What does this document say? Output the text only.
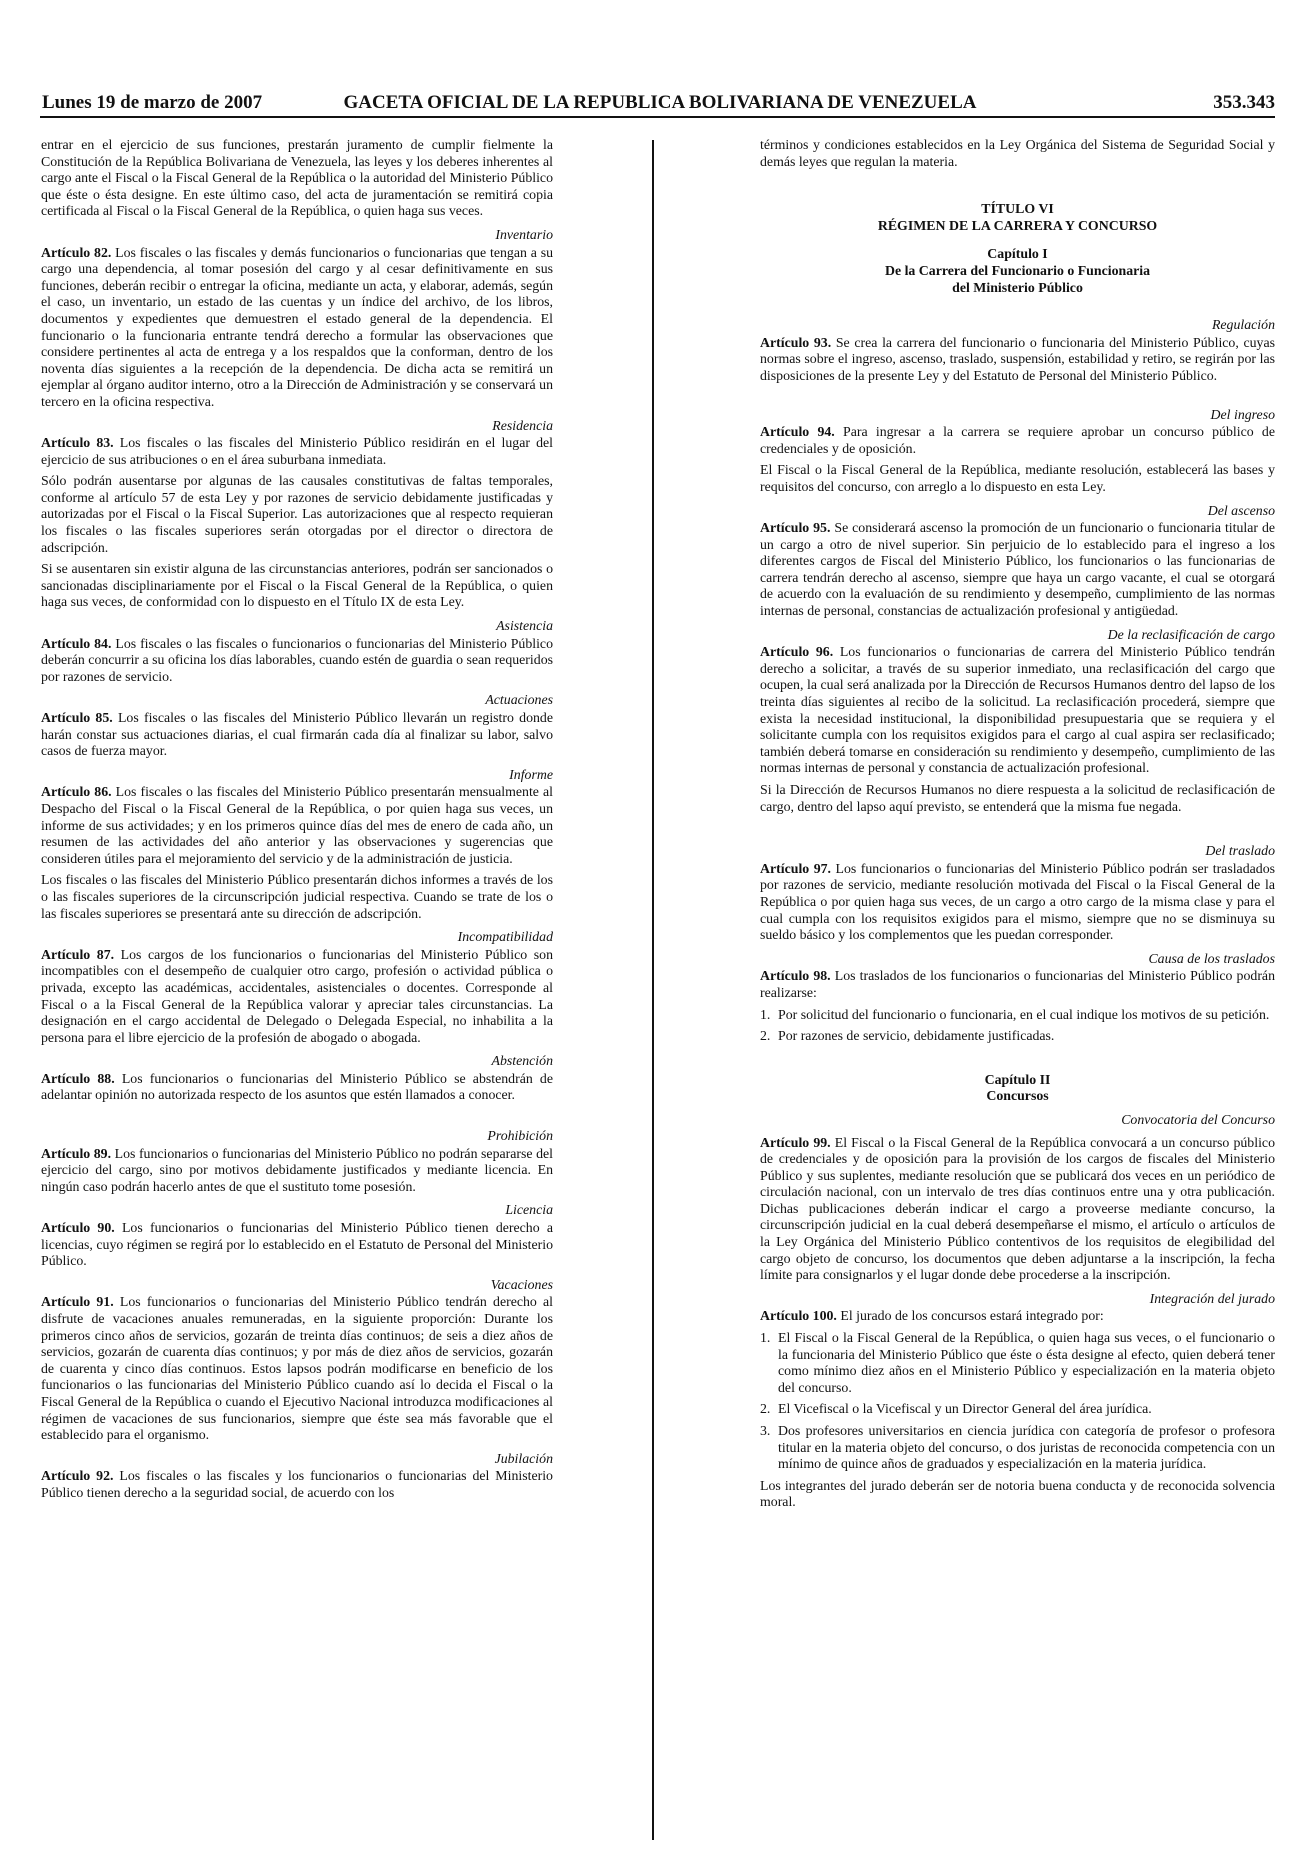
Lunes 19 de marzo de 2007	GACETA OFICIAL DE LA REPUBLICA BOLIVARIANA DE VENEZUELA	353.343

entrar en el ejercicio de sus funciones, prestarán juramento de cumplir fielmente la Constitución de la República Bolivariana de Venezuela, las leyes y los deberes inherentes al cargo ante el Fiscal o la Fiscal General de la República o la autoridad del Ministerio Público que éste o ésta designe. En este último caso, del acta de juramentación se remitirá copia certificada al Fiscal o la Fiscal General de la República, o quien haga sus veces.

Inventario

Artículo 82. Los fiscales o las fiscales y demás funcionarios o funcionarias que tengan a su cargo una dependencia, al tomar posesión del cargo y al cesar definitivamente en sus funciones, deberán recibir o entregar la oficina, mediante un acta, y elaborar, además, según el caso, un inventario, un estado de las cuentas y un índice del archivo, de los libros, documentos y expedientes que demuestren el estado general de la dependencia. El funcionario o la funcionaria entrante tendrá derecho a formular las observaciones que considere pertinentes al acta de entrega y a los respaldos que la conforman, dentro de los noventa días siguientes a la recepción de la dependencia. De dicha acta se remitirá un ejemplar al órgano auditor interno, otro a la Dirección de Administración y se conservará un tercero en la oficina respectiva.

Residencia

Artículo 83. Los fiscales o las fiscales del Ministerio Público residirán en el lugar del ejercicio de sus atribuciones o en el área suburbana inmediata.

Sólo podrán ausentarse por algunas de las causales constitutivas de faltas temporales, conforme al artículo 57 de esta Ley y por razones de servicio debidamente justificadas y autorizadas por el Fiscal o la Fiscal Superior. Las autorizaciones que al respecto requieran los fiscales o las fiscales superiores serán otorgadas por el director o directora de adscripción.

Si se ausentaren sin existir alguna de las circunstancias anteriores, podrán ser sancionados o sancionadas disciplinariamente por el Fiscal o la Fiscal General de la República, o quien haga sus veces, de conformidad con lo dispuesto en el Título IX de esta Ley.

Asistencia

Artículo 84. Los fiscales o las fiscales o funcionarios o funcionarias del Ministerio Público deberán concurrir a su oficina los días laborables, cuando estén de guardia o sean requeridos por razones de servicio.

Actuaciones

Artículo 85. Los fiscales o las fiscales del Ministerio Público llevarán un registro donde harán constar sus actuaciones diarias, el cual firmarán cada día al finalizar su labor, salvo casos de fuerza mayor.

Informe

Artículo 86. Los fiscales o las fiscales del Ministerio Público presentarán mensualmente al Despacho del Fiscal o la Fiscal General de la República, o por quien haga sus veces, un informe de sus actividades; y en los primeros quince días del mes de enero de cada año, un resumen de las actividades del año anterior y las observaciones y sugerencias que consideren útiles para el mejoramiento del servicio y de la administración de justicia.

Los fiscales o las fiscales del Ministerio Público presentarán dichos informes a través de los o las fiscales superiores de la circunscripción judicial respectiva. Cuando se trate de los o las fiscales superiores se presentará ante su dirección de adscripción.

Incompatibilidad

Artículo 87. Los cargos de los funcionarios o funcionarias del Ministerio Público son incompatibles con el desempeño de cualquier otro cargo, profesión o actividad pública o privada, excepto las académicas, accidentales, asistenciales o docentes. Corresponde al Fiscal o a la Fiscal General de la República valorar y apreciar tales circunstancias. La designación en el cargo accidental de Delegado o Delegada Especial, no inhabilita a la persona para el libre ejercicio de la profesión de abogado o abogada.

Abstención

Artículo 88. Los funcionarios o funcionarias del Ministerio Público se abstendrán de adelantar opinión no autorizada respecto de los asuntos que estén llamados a conocer.

Prohibición

Artículo 89. Los funcionarios o funcionarias del Ministerio Público no podrán separarse del ejercicio del cargo, sino por motivos debidamente justificados y mediante licencia. En ningún caso podrán hacerlo antes de que el sustituto tome posesión.

Licencia

Artículo 90. Los funcionarios o funcionarias del Ministerio Público tienen derecho a licencias, cuyo régimen se regirá por lo establecido en el Estatuto de Personal del Ministerio Público.

Vacaciones

Artículo 91. Los funcionarios o funcionarias del Ministerio Público tendrán derecho al disfrute de vacaciones anuales remuneradas, en la siguiente proporción: Durante los primeros cinco años de servicios, gozarán de treinta días continuos; de seis a diez años de servicios, gozarán de cuarenta días continuos; y por más de diez años de servicios, gozarán de cuarenta y cinco días continuos. Estos lapsos podrán modificarse en beneficio de los funcionarios o las funcionarias del Ministerio Público cuando así lo decida el Fiscal o la Fiscal General de la República o cuando el Ejecutivo Nacional introduzca modificaciones al régimen de vacaciones de sus funcionarios, siempre que éste sea más favorable que el establecido para el organismo.

Jubilación

Artículo 92. Los fiscales o las fiscales y los funcionarios o funcionarias del Ministerio Público tienen derecho a la seguridad social, de acuerdo con los

términos y condiciones establecidos en la Ley Orgánica del Sistema de Seguridad Social y demás leyes que regulan la materia.

TÍTULO VI

RÉGIMEN DE LA CARRERA Y CONCURSO

Capítulo I

De la Carrera del Funcionario o Funcionaria

del Ministerio Público

Regulación

Artículo 93. Se crea la carrera del funcionario o funcionaria del Ministerio Público, cuyas normas sobre el ingreso, ascenso, traslado, suspensión, estabilidad y retiro, se regirán por las disposiciones de la presente Ley y del Estatuto de Personal del Ministerio Público.

Del ingreso

Artículo 94. Para ingresar a la carrera se requiere aprobar un concurso público de credenciales y de oposición.

El Fiscal o la Fiscal General de la República, mediante resolución, establecerá las bases y requisitos del concurso, con arreglo a lo dispuesto en esta Ley.

Del ascenso

Artículo 95. Se considerará ascenso la promoción de un funcionario o funcionaria titular de un cargo a otro de nivel superior. Sin perjuicio de lo establecido para el ingreso a los diferentes cargos de Fiscal del Ministerio Público, los funcionarios o las funcionarias de carrera tendrán derecho al ascenso, siempre que haya un cargo vacante, el cual se otorgará de acuerdo con la evaluación de su rendimiento y desempeño, cumplimiento de las normas internas de personal, constancias de actualización profesional y antigüedad.

De la reclasificación de cargo

Artículo 96. Los funcionarios o funcionarias de carrera del Ministerio Público tendrán derecho a solicitar, a través de su superior inmediato, una reclasificación del cargo que ocupen, la cual será analizada por la Dirección de Recursos Humanos dentro del lapso de los treinta días siguientes al recibo de la solicitud. La reclasificación procederá, siempre que exista la necesidad institucional, la disponibilidad presupuestaria que se requiera y el solicitante cumpla con los requisitos exigidos para el cargo al cual aspira ser reclasificado; también deberá tomarse en consideración su rendimiento y desempeño, cumplimiento de las normas internas de personal y constancia de actualización profesional.

Si la Dirección de Recursos Humanos no diere respuesta a la solicitud de reclasificación de cargo, dentro del lapso aquí previsto, se entenderá que la misma fue negada.

Del traslado

Artículo 97. Los funcionarios o funcionarias del Ministerio Público podrán ser trasladados por razones de servicio, mediante resolución motivada del Fiscal o la Fiscal General de la República o por quien haga sus veces, de un cargo a otro cargo de la misma clase y para el cual cumpla con los requisitos exigidos para el mismo, siempre que no se disminuya su sueldo básico y los complementos que les puedan corresponder.

Causa de los traslados

Artículo 98. Los traslados de los funcionarios o funcionarias del Ministerio Público podrán realizarse:

1. Por solicitud del funcionario o funcionaria, en el cual indique los motivos de su petición.
2. Por razones de servicio, debidamente justificadas.

Capítulo II

Concursos

Convocatoria del Concurso

Artículo 99. El Fiscal o la Fiscal General de la República convocará a un concurso público de credenciales y de oposición para la provisión de los cargos de fiscales del Ministerio Público y sus suplentes, mediante resolución que se publicará dos veces en un periódico de circulación nacional, con un intervalo de tres días continuos entre una y otra publicación. Dichas publicaciones deberán indicar el cargo a proveerse mediante concurso, la circunscripción judicial en la cual deberá desempeñarse el mismo, el artículo o artículos de la Ley Orgánica del Ministerio Público contentivos de los requisitos de elegibilidad del cargo objeto de concurso, los documentos que deben adjuntarse a la inscripción, la fecha límite para consignarlos y el lugar donde debe procederse a la inscripción.

Integración del jurado

Artículo 100. El jurado de los concursos estará integrado por:

1. El Fiscal o la Fiscal General de la República, o quien haga sus veces, o el funcionario o la funcionaria del Ministerio Público que éste o ésta designe al efecto, quien deberá tener como mínimo diez años en el Ministerio Público y especialización en la materia objeto del concurso.
2. El Vicefiscal o la Vicefiscal y un Director General del área jurídica.
3. Dos profesores universitarios en ciencia jurídica con categoría de profesor o profesora titular en la materia objeto del concurso, o dos juristas de reconocida competencia con un mínimo de quince años de graduados y especialización en la materia jurídica.

Los integrantes del jurado deberán ser de notoria buena conducta y de reconocida solvencia moral.
